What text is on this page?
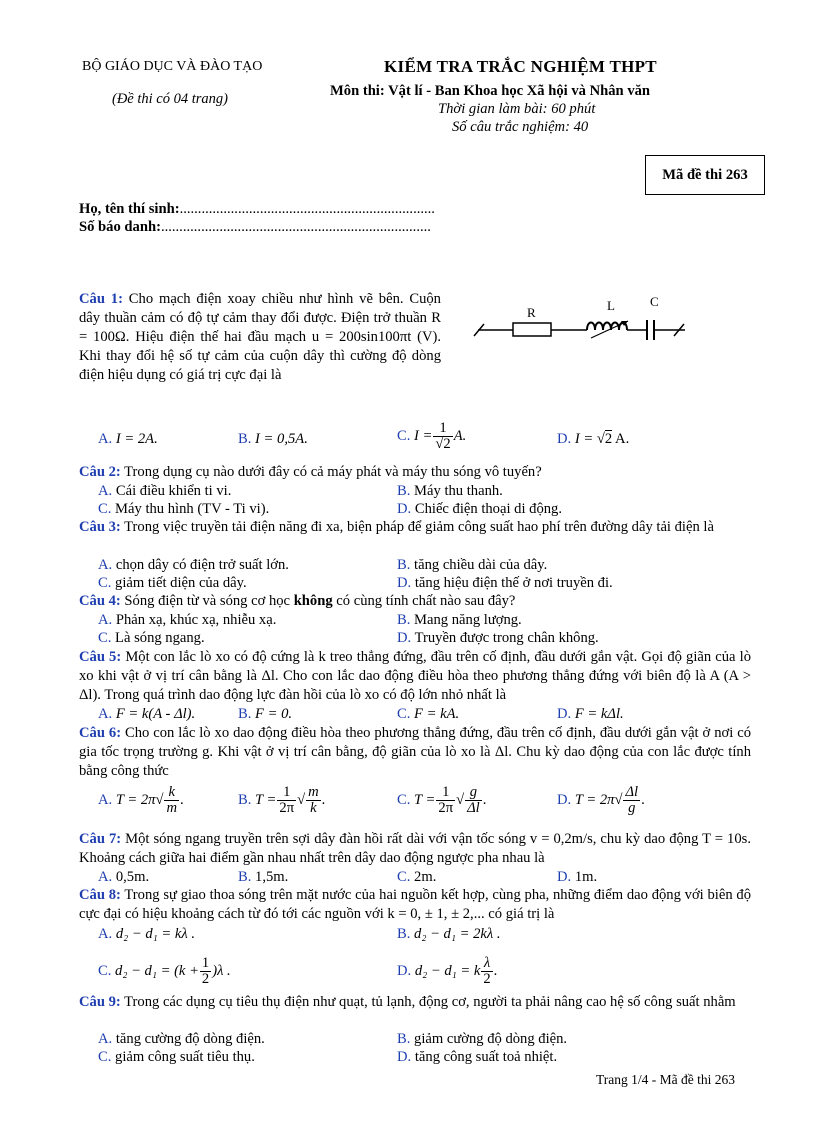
BỘ GIÁO DỤC VÀ ĐÀO TẠO
(Đề thi có 04 trang)
KIỂM TRA TRẮC NGHIỆM THPT
Môn thi: Vật lí - Ban Khoa học Xã hội và Nhân văn
Thời gian làm bài: 60 phút
Số câu trắc nghiệm: 40
Mã đề thi 263
Họ, tên thí sinh:......................................................................
Số báo danh:..........................................................................
Câu 1: Cho mạch điện xoay chiều như hình vẽ bên. Cuộn dây thuần cảm có độ tự cảm thay đổi được. Điện trở thuần R = 100Ω. Hiệu điện thế hai đầu mạch u = 200sin100πt (V). Khi thay đổi hệ số tự cảm của cuộn dây thì cường độ dòng điện hiệu dụng có giá trị cực đại là
R	L	C
A. I = 2A.	B. I = 0,5A.	C. $I = \frac{1}{√2} A$.	D. I = √2 A.
Câu 2: Trong dụng cụ nào dưới đây có cả máy phát và máy thu sóng vô tuyến?
A. Cái điều khiển ti vi.	B. Máy thu thanh.
C. Máy thu hình (TV - Ti vi).	D. Chiếc điện thoại di động.
Câu 3: Trong việc truyền tải điện năng đi xa, biện pháp để giảm công suất hao phí trên đường dây tải điện là
A. chọn dây có điện trở suất lớn.	B. tăng chiều dài của dây.
C. giảm tiết diện của dây.	D. tăng hiệu điện thế ở nơi truyền đi.
Câu 4: Sóng điện từ và sóng cơ học không có cùng tính chất nào sau đây?
A. Phản xạ, khúc xạ, nhiễu xạ.	B. Mang năng lượng.
C. Là sóng ngang.	D. Truyền được trong chân không.
Câu 5: Một con lắc lò xo có độ cứng là k treo thẳng đứng, đầu trên cố định, đầu dưới gắn vật. Gọi độ giãn của lò xo khi vật ở vị trí cân bằng là Δl. Cho con lắc dao động điều hòa theo phương thẳng đứng với biên độ là A (A > Δl). Trong quá trình dao động lực đàn hồi của lò xo có độ lớn nhỏ nhất là
A. F = k(A - Δl).	B. F = 0.	C. F = kA.	D. F = kΔl.
Câu 6: Cho con lắc lò xo dao động điều hòa theo phương thẳng đứng, đầu trên cố định, đầu dưới gắn vật ở nơi có gia tốc trọng trường g. Khi vật ở vị trí cân bằng, độ giãn của lò xo là Δl. Chu kỳ dao động của con lắc được tính bằng công thức
A. $T = 2\pi√ \frac{k}{m}$ .	B. $T = \frac{1}{2\pi}$ √ $\frac{m}{k}$ .	C. $T = \frac{1}{2\pi}$ √ $\frac{g}{\Delta l}$ .	D. $T = 2\pi√ \frac{\Delta l}{g}$ .
Câu 7: Một sóng ngang truyền trên sợi dây đàn hồi rất dài với vận tốc sóng v = 0,2m/s, chu kỳ dao động T = 10s. Khoảng cách giữa hai điểm gần nhau nhất trên dây dao động ngược pha nhau là
A. 0,5m.	B. 1,5m.	C. 2m.	D. 1m.
Câu 8: Trong sự giao thoa sóng trên mặt nước của hai nguồn kết hợp, cùng pha, những điểm dao động với biên độ cực đại có hiệu khoảng cách từ đó tới các nguồn với k = 0, ± 1, ± 2,... có giá trị là
A. d₂ − d₁ = kλ .	B. d₂ − d₁ = 2kλ .
C. $d_2 - d_1 = (k + \frac{1}{2} )\lambda$ .	D. d₂ − d₁ = k $\frac{\lambda}{2}$ .
Câu 9: Trong các dụng cụ tiêu thụ điện như quạt, tủ lạnh, động cơ, người ta phải nâng cao hệ số công suất nhằm
A. tăng cường độ dòng điện.	B. giảm cường độ dòng điện.
C. giảm công suất tiêu thụ.	D. tăng công suất toả nhiệt.
Trang 1/4 - Mã đề thi 263
